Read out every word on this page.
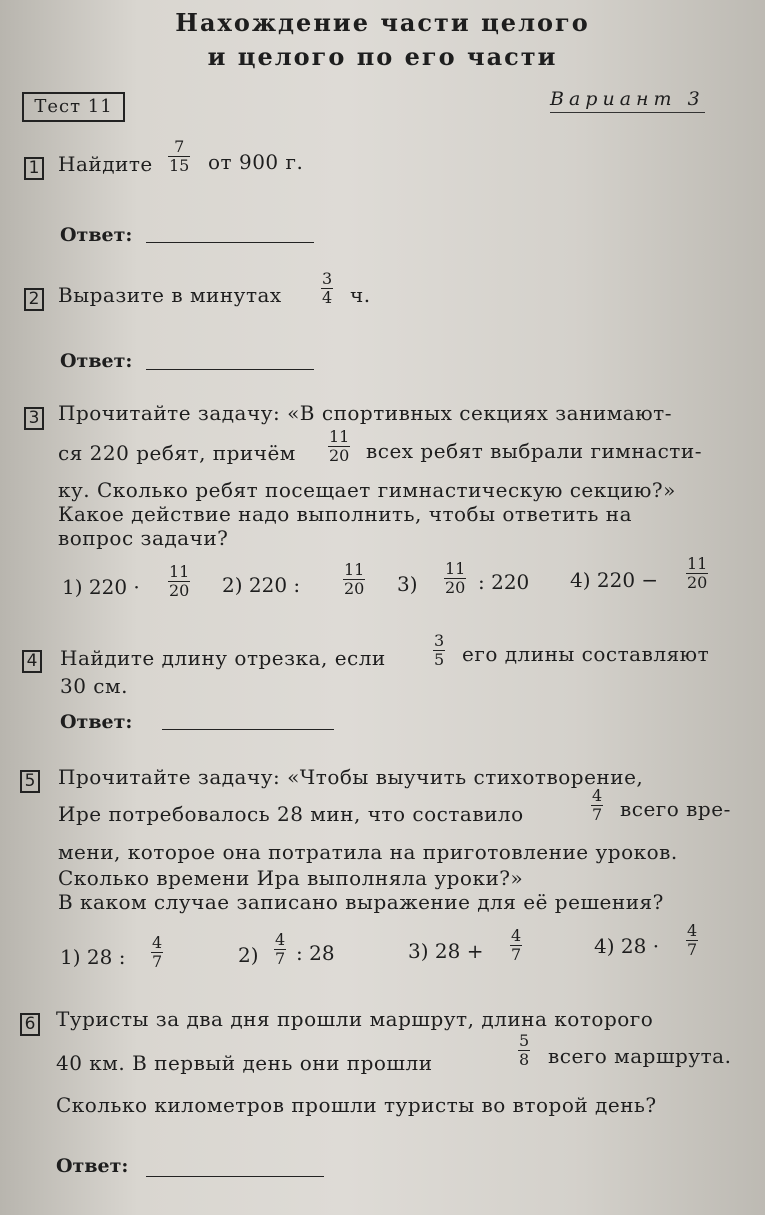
Нахождение части целого
и целого по его части
Тест 11	Вариант 3
1 Найдите $\frac{7}{15}$ от 900 г.
Ответ:
2 Выразите в минутах $\frac{3}{4} ч$.
Ответ:
3 Прочитайте задачу: «В спортивных секциях занимают-
ся 220 ребят, причём $\frac{11}{20}$ всех ребят выбрали гимнасти-
ку. Сколько ребят посещает гимнастическую секцию?»
Какое действие надо выполнить, чтобы ответить на
вопрос задачи?
1) $220 \cdot \frac{11}{20} 2$) 220 :	$\frac{11}{20} 3) \frac{11}{20}$ : 220 4) $220 - \frac{11}{20}$
4 Найдите длину отрезка, если	$\frac{3}{5}$ его длины составляют
30 см.
Ответ:
5 Прочитайте задачу: «Чтобы выучить стихотворение,
Ире потребовалось 28 мин, что составило	$\frac{4}{7}$ всего вре-
мени, которое она потратила на приготовление уроков.
Сколько времени Ира выполняла уроки?»
В каком случае записано выражение для её решения?
1) 28 : $\frac{4}{7}$	$2) \frac{4}{7}$ : 28	3) $28 + \frac{4}{7}$	4) $28 \cdot \frac{4}{7}$
6 Туристы за два дня прошли маршрут, длина которого
40 км. В первый день они прошли	$\frac{5}{8}$ всего маршрута.
Сколько километров прошли туристы во второй день?
Ответ:
